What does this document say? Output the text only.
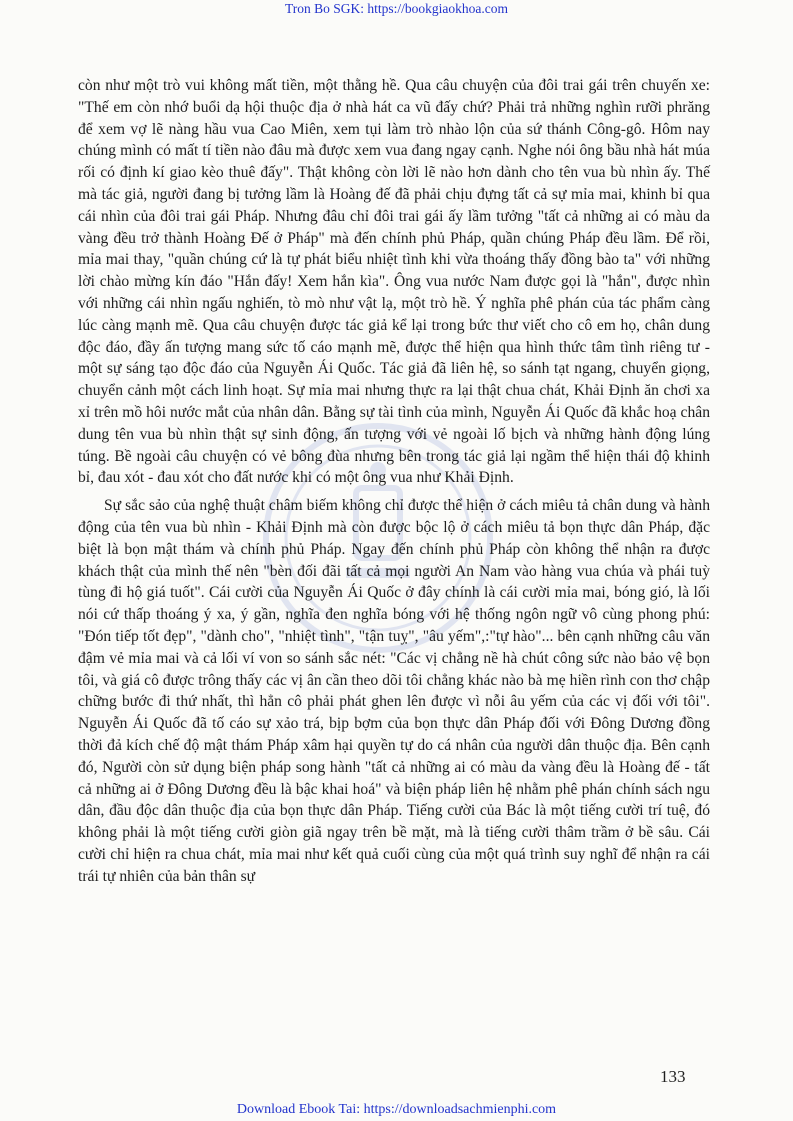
Tron Bo SGK: https://bookgiaokhoa.com

còn như một trò vui không mất tiền, một thằng hề. Qua câu chuyện của đôi trai gái trên chuyến xe: "Thế em còn nhớ buổi dạ hội thuộc địa ở nhà hát ca vũ đấy chứ? Phải trả những nghìn rưỡi phrăng để xem vợ lẽ nàng hầu vua Cao Miên, xem tụi làm trò nhào lộn của sứ thánh Công-gô. Hôm nay chúng mình có mất tí tiền nào đâu mà được xem vua đang ngay cạnh. Nghe nói ông bầu nhà hát múa rối có định kí giao kèo thuê đấy". Thật không còn lời lẽ nào hơn dành cho tên vua bù nhìn ấy. Thế mà tác giả, người đang bị tưởng lầm là Hoàng đế đã phải chịu đựng tất cả sự mỉa mai, khinh bỉ qua cái nhìn của đôi trai gái Pháp. Nhưng đâu chỉ đôi trai gái ấy lầm tưởng "tất cả những ai có màu da vàng đều trở thành Hoàng Đế ở Pháp" mà đến chính phủ Pháp, quần chúng Pháp đều lầm. Để rồi, mỉa mai thay, "quần chúng cứ là tự phát biểu nhiệt tình khi vừa thoáng thấy đồng bào ta" với những lời chào mừng kín đáo "Hắn đấy! Xem hắn kìa". Ông vua nước Nam được gọi là "hắn", được nhìn với những cái nhìn ngấu nghiến, tò mò như vật lạ, một trò hề. Ý nghĩa phê phán của tác phẩm càng lúc càng mạnh mẽ. Qua câu chuyện được tác giả kể lại trong bức thư viết cho cô em họ, chân dung độc đáo, đầy ấn tượng mang sức tố cáo mạnh mẽ, được thể hiện qua hình thức tâm tình riêng tư - một sự sáng tạo độc đáo của Nguyễn Ái Quốc. Tác giả đã liên hệ, so sánh tạt ngang, chuyển giọng, chuyển cảnh một cách linh hoạt. Sự mỉa mai nhưng thực ra lại thật chua chát, Khải Định ăn chơi xa xỉ trên mồ hôi nước mắt của nhân dân. Bằng sự tài tình của mình, Nguyễn Ái Quốc đã khắc hoạ chân dung tên vua bù nhìn thật sự sinh động, ấn tượng với vẻ ngoài lố bịch và những hành động lúng túng. Bề ngoài câu chuyện có vẻ bông đùa nhưng bên trong tác giả lại ngầm thể hiện thái độ khinh bỉ, đau xót - đau xót cho đất nước khi có một ông vua như Khải Định.

Sự sắc sảo của nghệ thuật châm biếm không chỉ được thể hiện ở cách miêu tả chân dung và hành động của tên vua bù nhìn - Khải Định mà còn được bộc lộ ở cách miêu tả bọn thực dân Pháp, đặc biệt là bọn mật thám và chính phủ Pháp. Ngay đến chính phủ Pháp còn không thể nhận ra được khách thật của mình thế nên "bèn đối đãi tất cả mọi người An Nam vào hàng vua chúa và phái tuỳ tùng đi hộ giá tuốt". Cái cười của Nguyễn Ái Quốc ở đây chính là cái cười mỉa mai, bóng gió, là lối nói cứ thấp thoáng ý xa, ý gần, nghĩa đen nghĩa bóng với hệ thống ngôn ngữ vô cùng phong phú: "Đón tiếp tốt đẹp", "dành cho", "nhiệt tình", "tận tuỵ", "âu yếm",:"tự hào"... bên cạnh những câu văn đậm vẻ mỉa mai và cả lối ví von so sánh sắc nét: "Các vị chẳng nề hà chút công sức nào bảo vệ bọn tôi, và giá cô được trông thấy các vị ân cần theo dõi tôi chẳng khác nào bà mẹ hiền rình con thơ chập chững bước đi thứ nhất, thì hẳn cô phải phát ghen lên được vì nỗi âu yếm của các vị đối với tôi". Nguyễn Ái Quốc đã tố cáo sự xảo trá, bịp bợm của bọn thực dân Pháp đối với Đông Dương đồng thời đả kích chế độ mật thám Pháp xâm hại quyền tự do cá nhân của người dân thuộc địa. Bên cạnh đó, Người còn sử dụng biện pháp song hành "tất cả những ai có màu da vàng đều là Hoàng đế - tất cả những ai ở Đông Dương đều là bậc khai hoá" và biện pháp liên hệ nhằm phê phán chính sách ngu dân, đầu độc dân thuộc địa của bọn thực dân Pháp. Tiếng cười của Bác là một tiếng cười trí tuệ, đó không phải là một tiếng cười giòn giã ngay trên bề mặt, mà là tiếng cười thâm trầm ở bề sâu. Cái cười chỉ hiện ra chua chát, mỉa mai như kết quả cuối cùng của một quá trình suy nghĩ để nhận ra cái trái tự nhiên của bản thân sự

133
Download Ebook Tai: https://downloadsachmienphi.com
